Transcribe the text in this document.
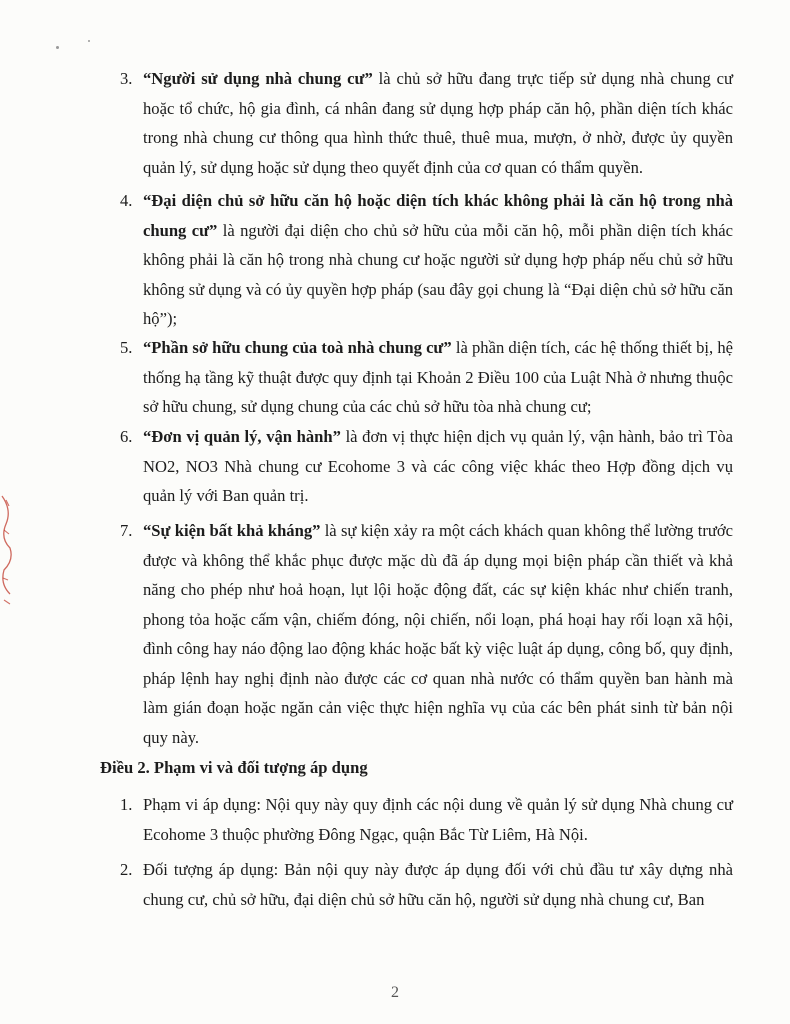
3. “Người sử dụng nhà chung cư” là chủ sở hữu đang trực tiếp sử dụng nhà chung cư hoặc tổ chức, hộ gia đình, cá nhân đang sử dụng hợp pháp căn hộ, phần diện tích khác trong nhà chung cư thông qua hình thức thuê, thuê mua, mượn, ở nhờ, được ủy quyền quản lý, sử dụng hoặc sử dụng theo quyết định của cơ quan có thẩm quyền.
4. “Đại diện chủ sở hữu căn hộ hoặc diện tích khác không phải là căn hộ trong nhà chung cư” là người đại diện cho chủ sở hữu của mỗi căn hộ, mỗi phần diện tích khác không phải là căn hộ trong nhà chung cư hoặc người sử dụng hợp pháp nếu chủ sở hữu không sử dụng và có ủy quyền hợp pháp (sau đây gọi chung là “Đại diện chủ sở hữu căn hộ”);
5. “Phần sở hữu chung của toà nhà chung cư” là phần diện tích, các hệ thống thiết bị, hệ thống hạ tầng kỹ thuật được quy định tại Khoản 2 Điều 100 của Luật Nhà ở nhưng thuộc sở hữu chung, sử dụng chung của các chủ sở hữu tòa nhà chung cư;
6. “Đơn vị quản lý, vận hành” là đơn vị thực hiện dịch vụ quản lý, vận hành, bảo trì Tòa NO2, NO3 Nhà chung cư Ecohome 3 và các công việc khác theo Hợp đồng dịch vụ quản lý với Ban quản trị.
7. “Sự kiện bất khả kháng” là sự kiện xảy ra một cách khách quan không thể lường trước được và không thể khắc phục được mặc dù đã áp dụng mọi biện pháp cần thiết và khả năng cho phép như hoả hoạn, lụt lội hoặc động đất, các sự kiện khác như chiến tranh, phong tỏa hoặc cấm vận, chiếm đóng, nội chiến, nổi loạn, phá hoại hay rối loạn xã hội, đình công hay náo động lao động khác hoặc bất kỳ việc luật áp dụng, công bố, quy định, pháp lệnh hay nghị định nào được các cơ quan nhà nước có thẩm quyền ban hành mà làm gián đoạn hoặc ngăn cản việc thực hiện nghĩa vụ của các bên phát sinh từ bản nội quy này.
Điều 2. Phạm vi và đối tượng áp dụng
1. Phạm vi áp dụng: Nội quy này quy định các nội dung về quản lý sử dụng Nhà chung cư Ecohome 3 thuộc phường Đông Ngạc, quận Bắc Từ Liêm, Hà Nội.
2. Đối tượng áp dụng: Bản nội quy này được áp dụng đối với chủ đầu tư xây dựng nhà chung cư, chủ sở hữu, đại diện chủ sở hữu căn hộ, người sử dụng nhà chung cư, Ban
2
